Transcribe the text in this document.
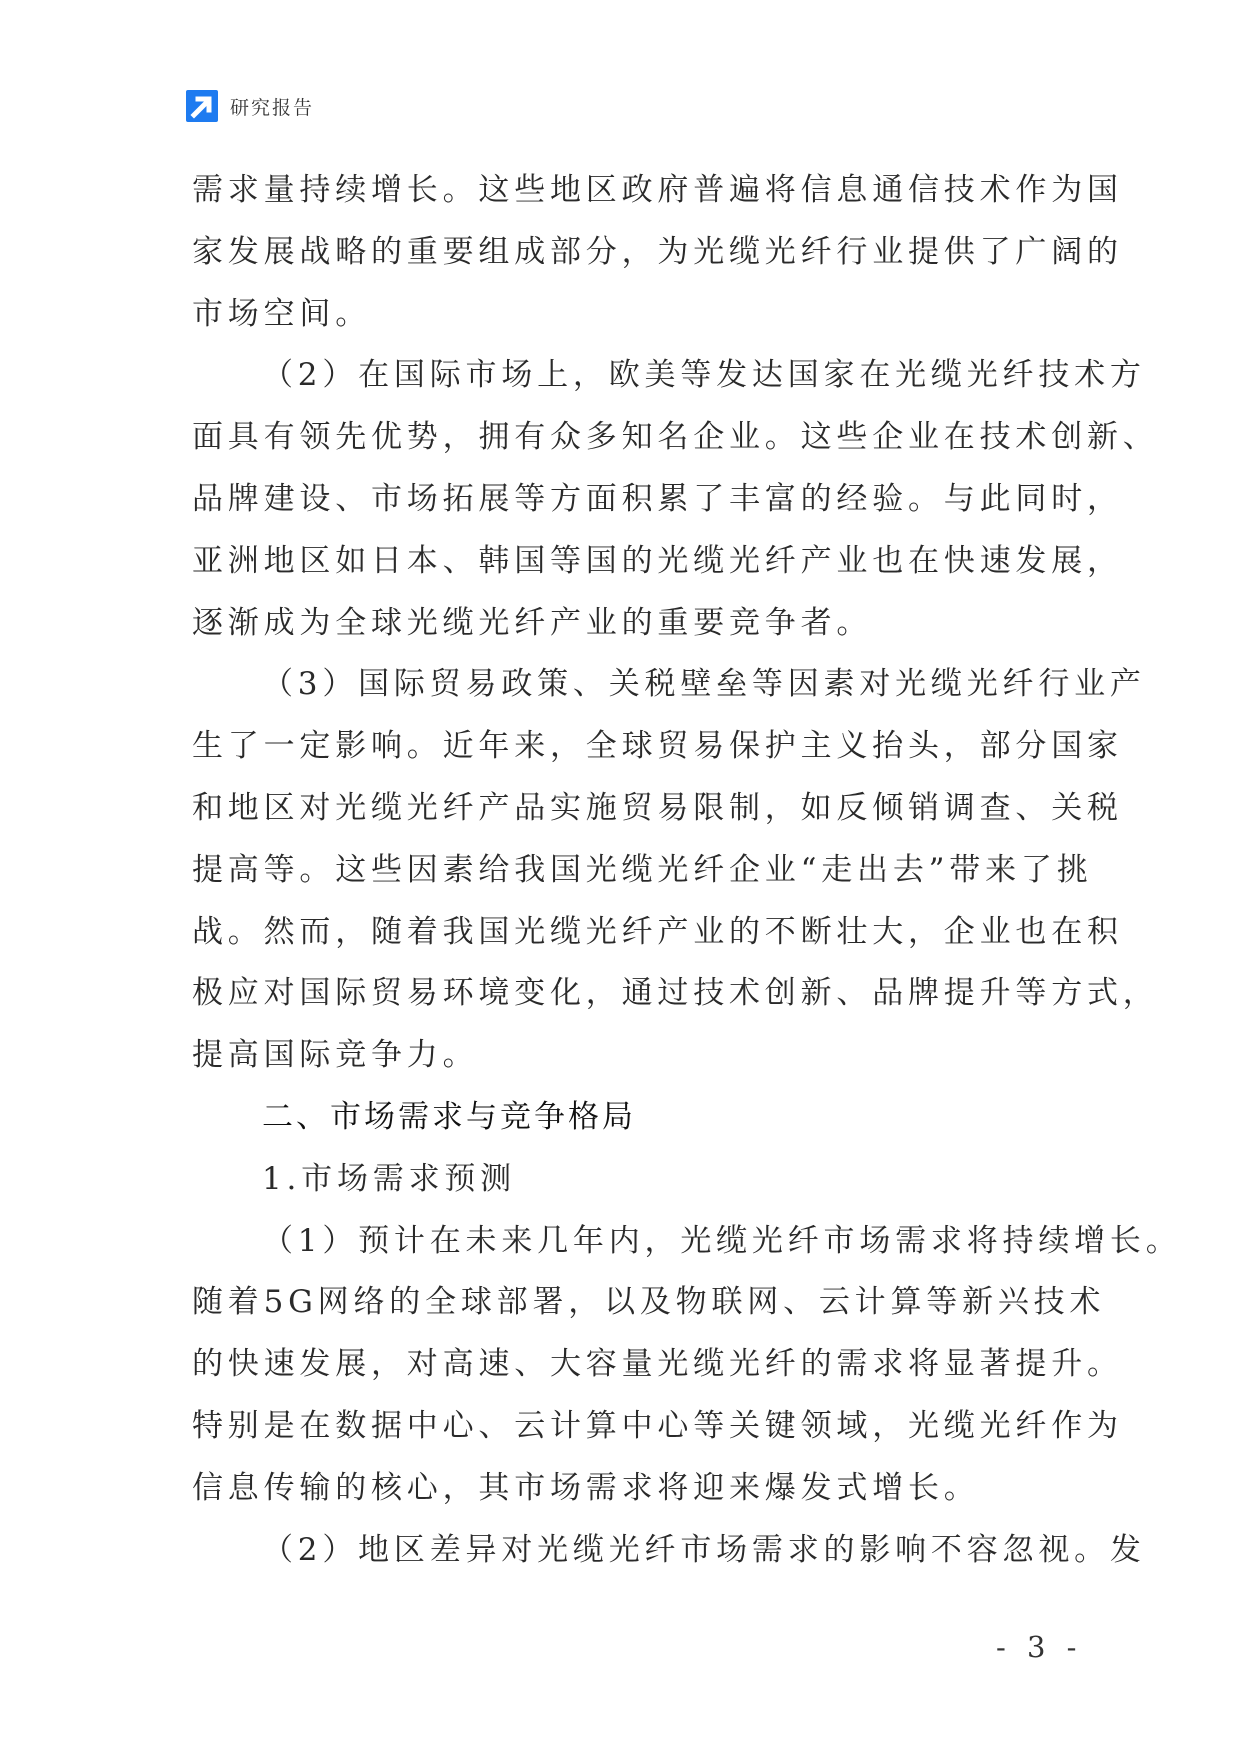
研究报告
需求量持续增长。这些地区政府普遍将信息通信技术作为国
家发展战略的重要组成部分，为光缆光纤行业提供了广阔的
市场空间。
（2）在国际市场上，欧美等发达国家在光缆光纤技术方
面具有领先优势，拥有众多知名企业。这些企业在技术创新、
品牌建设、市场拓展等方面积累了丰富的经验。与此同时，
亚洲地区如日本、韩国等国的光缆光纤产业也在快速发展，
逐渐成为全球光缆光纤产业的重要竞争者。
（3）国际贸易政策、关税壁垒等因素对光缆光纤行业产
生了一定影响。近年来，全球贸易保护主义抬头，部分国家
和地区对光缆光纤产品实施贸易限制，如反倾销调查、关税
提高等。这些因素给我国光缆光纤企业“走出去”带来了挑
战。然而，随着我国光缆光纤产业的不断壮大，企业也在积
极应对国际贸易环境变化，通过技术创新、品牌提升等方式，
提高国际竞争力。
二、市场需求与竞争格局
1.市场需求预测
（1）预计在未来几年内，光缆光纤市场需求将持续增长。
随着5G网络的全球部署，以及物联网、云计算等新兴技术
的快速发展，对高速、大容量光缆光纤的需求将显著提升。
特别是在数据中心、云计算中心等关键领域，光缆光纤作为
信息传输的核心，其市场需求将迎来爆发式增长。
（2）地区差异对光缆光纤市场需求的影响不容忽视。发
- 3 -
